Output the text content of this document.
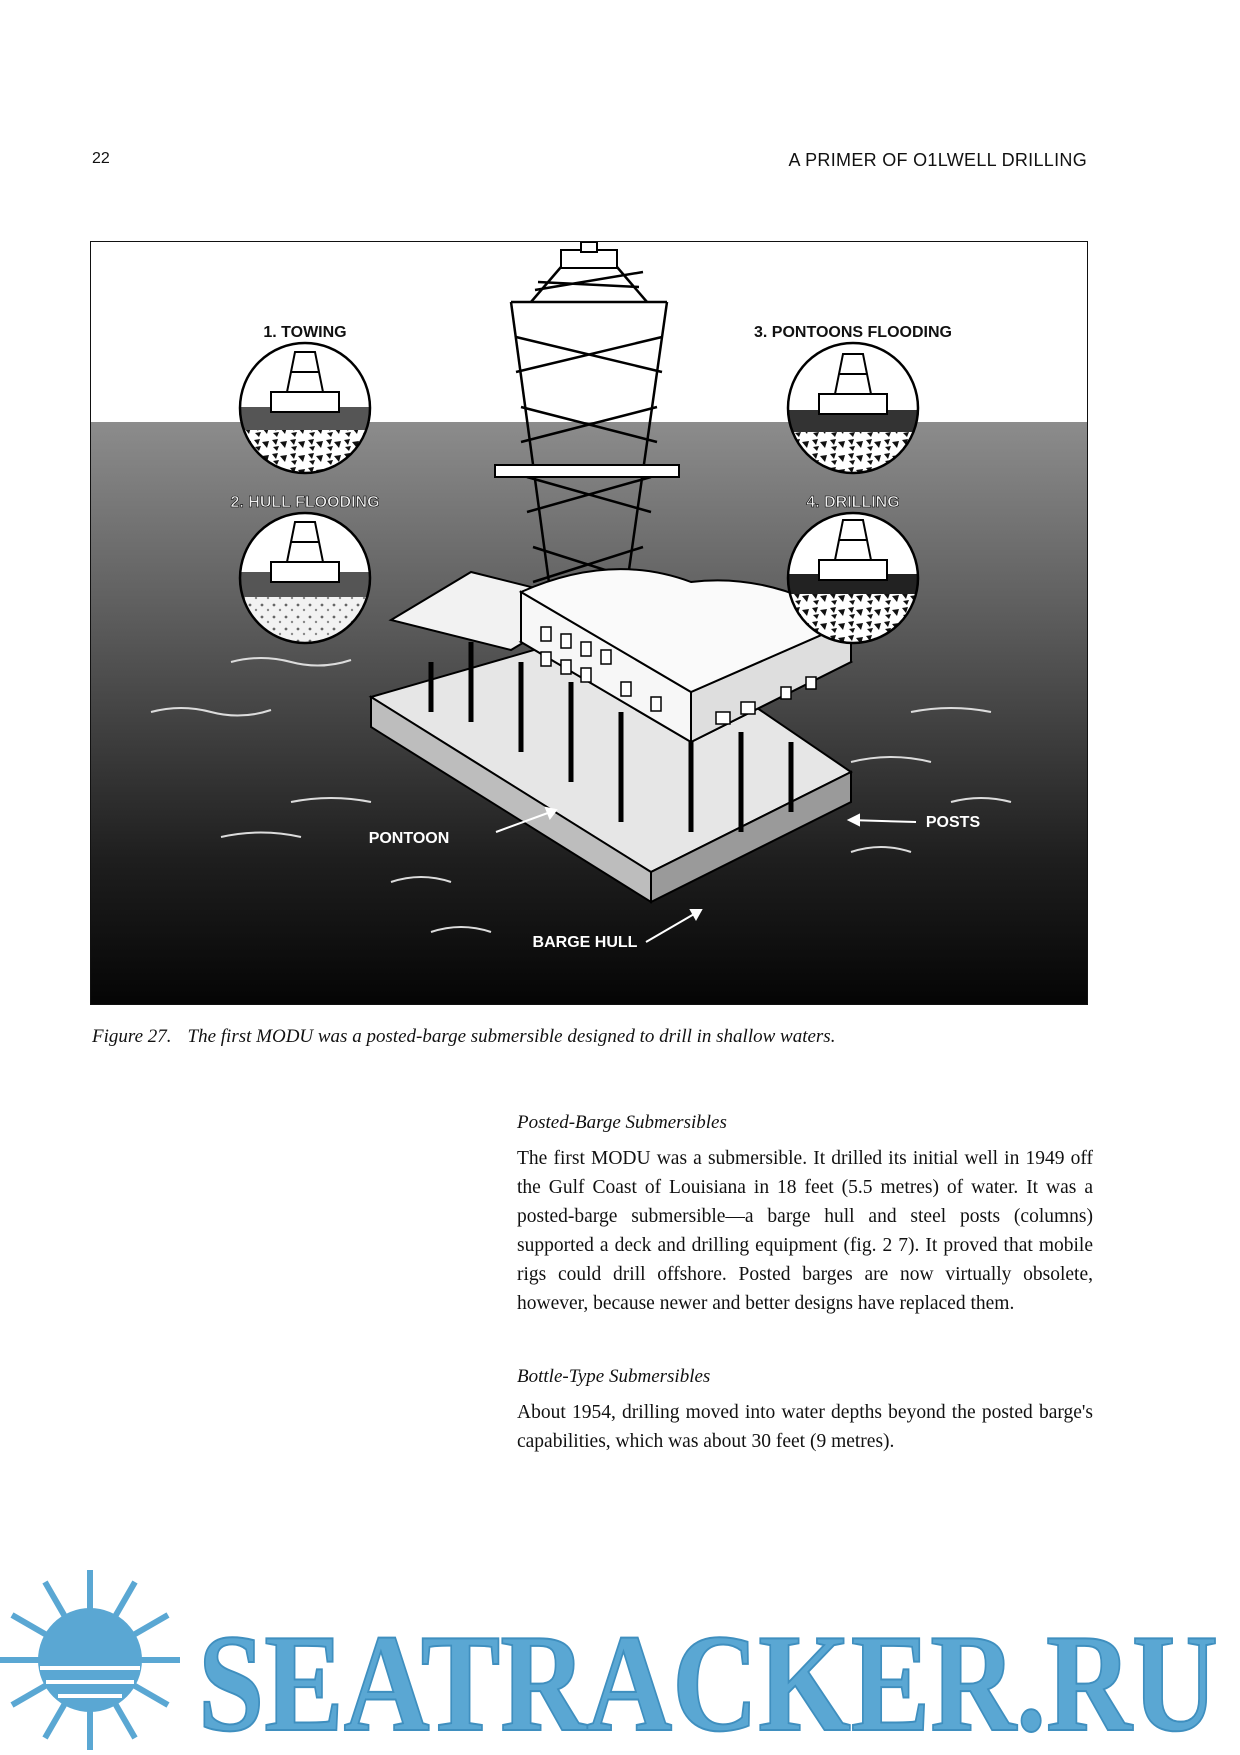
22	A PRIMER OF O1LWELL DRILLING
1. TOWING	3. PONTOONS FLOODING
2. HULL FLOODING	4. DRILLING
PONTOON
POSTS
BARGE HULL
Figure 27. The first MODU was a posted-barge submersible designed to drill in shallow waters.
Posted-Barge Submersibles

The first MODU was a submersible. It drilled its initial well in 1949 off the Gulf Coast of Louisiana in 18 feet (5.5 metres) of water. It was a posted-barge submersible—a barge hull and steel posts (columns) supported a deck and drilling equipment (fig. 2 7). It proved that mobile rigs could drill offshore. Posted barges are now virtually obsolete, however, because newer and better designs have replaced them.

Bottle-Type Submersibles

About 1954, drilling moved into water depths beyond the posted barge's capabilities, which was about 30 feet (9 metres).

SEATRACKER.RU
